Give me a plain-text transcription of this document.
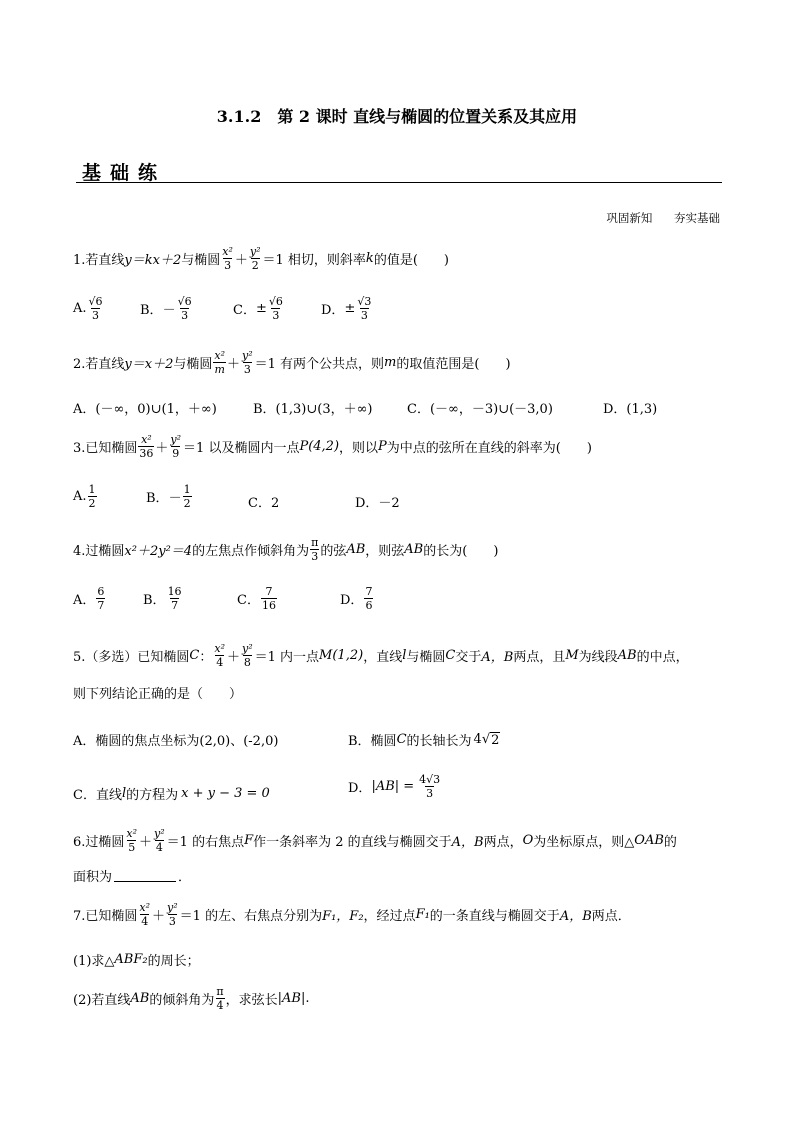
3.1.2　第 2 课时 直线与椭圆的位置关系及其应用
基础练
巩固新知 夯实基础
1.若直线 y＝kx＋2 与椭圆 $\frac{\text{x²}}{3} + \frac{\text{y²}}{2} =1$ 相切，则斜率 k 的值是(　　)
A. $\frac{√6}{3}$	B． － $\frac{√6}{3}$	C． ± $\frac{√6}{3}$	D． ± $\frac{√3}{3}$
2.若直线 y＝x＋2 与椭圆 $\frac{\text{x²}}{m} + \frac{\text{y²}}{3} =1$ 有两个公共点，则 m 的取值范围是(　　)
A．(－∞，0)∪(1，＋∞)	B．(1,3)∪(3，＋∞)	C．(－∞，－3)∪(－3,0)	D．(1,3)
3.已知椭圆 $\frac{\text{x²}}{36} + \frac{\text{y²}}{9} =1$ 以及椭圆内一点 P(4,2) ，则以 P 为中点的弦所在直线的斜率为(　　)
A. $\frac{1}{2}$	B． － $\frac{1}{2}$	C．2	D．－2
4.过椭圆 x²＋2y²＝4 的左焦点作倾斜角为 $\frac{\pi}{3}$ 的弦 AB ，则弦 AB 的长为(　　)
A． $\frac{6}{7}$	B． $\frac{16}{7}$	C． $\frac{7}{16}$	D． $\frac{7}{6}$
5.（多选）已知椭圆 C ： $\frac{\text{x²}}{4} + \frac{\text{y²}}{8} =1$ 内一点 M(1,2) ，直线 l 与椭圆 C 交于 A，B 两点，且 M 为线段 AB 的中点，
则下列结论正确的是（　　）
A．椭圆的焦点坐标为(2,0)、(-2,0)	B．椭圆 C 的长轴长为 4 √ 2
C．直线 l 的方程为 x + y − 3 = 0	D． $|AB| = \frac{4√3}{3}$
6.过椭圆 $\frac{\text{x²}}{5} + \frac{\text{y²}}{4} =1$ 的右焦点 F 作一条斜率为 2 的直线与椭圆交于 A，B 两点， O 为坐标原点，则△ OAB 的
面积为	．
7.已知椭圆 $\frac{\text{x²}}{4} + \frac{\text{y²}}{3} =1$ 的左、右焦点分别为 F₁，F₂ ，经过点 F₁ 的一条直线与椭圆交于 A，B 两点．
(1)求△ ABF₂ 的周长；
(2)若直线 AB 的倾斜角为 $\frac{\pi}{4}$ ，求弦长 |AB| .
